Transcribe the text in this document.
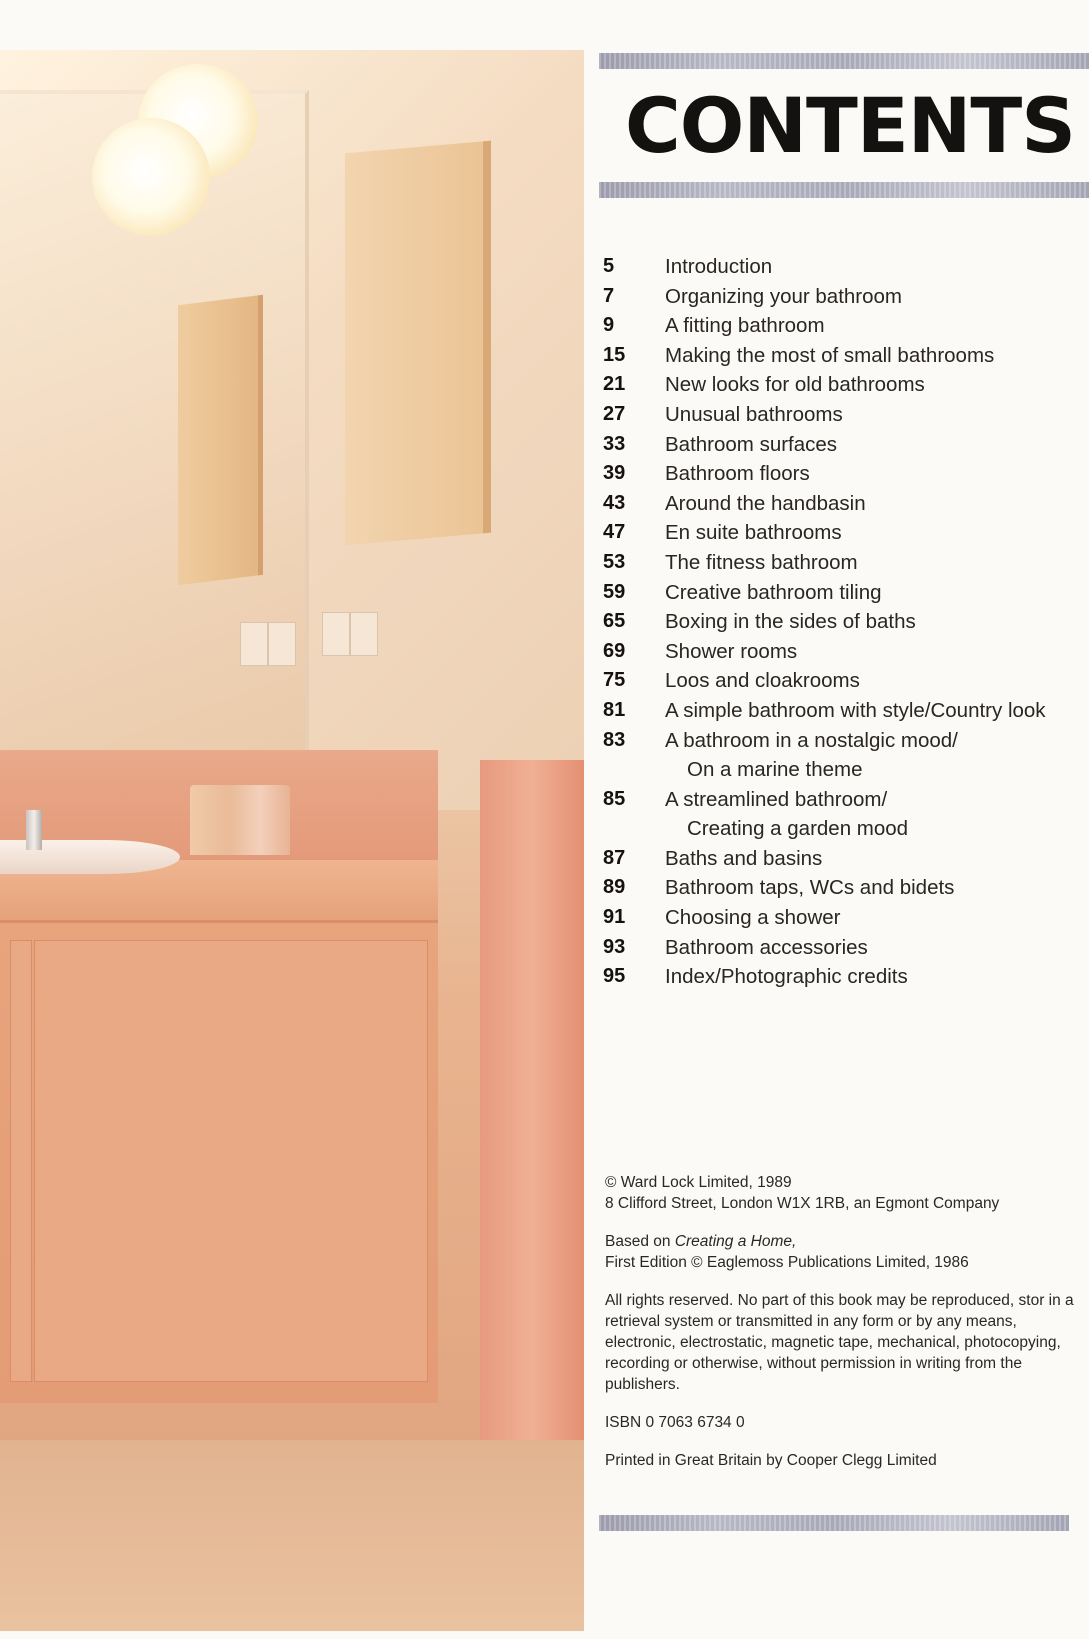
CONTENTS
5 Introduction
7 Organizing your bathroom
9 A fitting bathroom
15 Making the most of small bathrooms
21 New looks for old bathrooms
27 Unusual bathrooms
33 Bathroom surfaces
39 Bathroom floors
43 Around the handbasin
47 En suite bathrooms
53 The fitness bathroom
59 Creative bathroom tiling
65 Boxing in the sides of baths
69 Shower rooms
75 Loos and cloakrooms
81 A simple bathroom with style/Country look
83 A bathroom in a nostalgic mood/
On a marine theme
85 A streamlined bathroom/
Creating a garden mood
87 Baths and basins
89 Bathroom taps, WCs and bidets
91 Choosing a shower
93 Bathroom accessories
95 Index/Photographic credits

© Ward Lock Limited, 1989

8 Clifford Street, London W1X 1RB, an Egmont Company

Based on Creating a Home,

First Edition © Eaglemoss Publications Limited, 1986

All rights reserved. No part of this book may be reproduced, stor in a retrieval system or transmitted in any form or by any means, electronic, electrostatic, magnetic tape, mechanical, photocopying, recording or otherwise, without permission in writing from the publishers.

ISBN 0 7063 6734 0

Printed in Great Britain by Cooper Clegg Limited
